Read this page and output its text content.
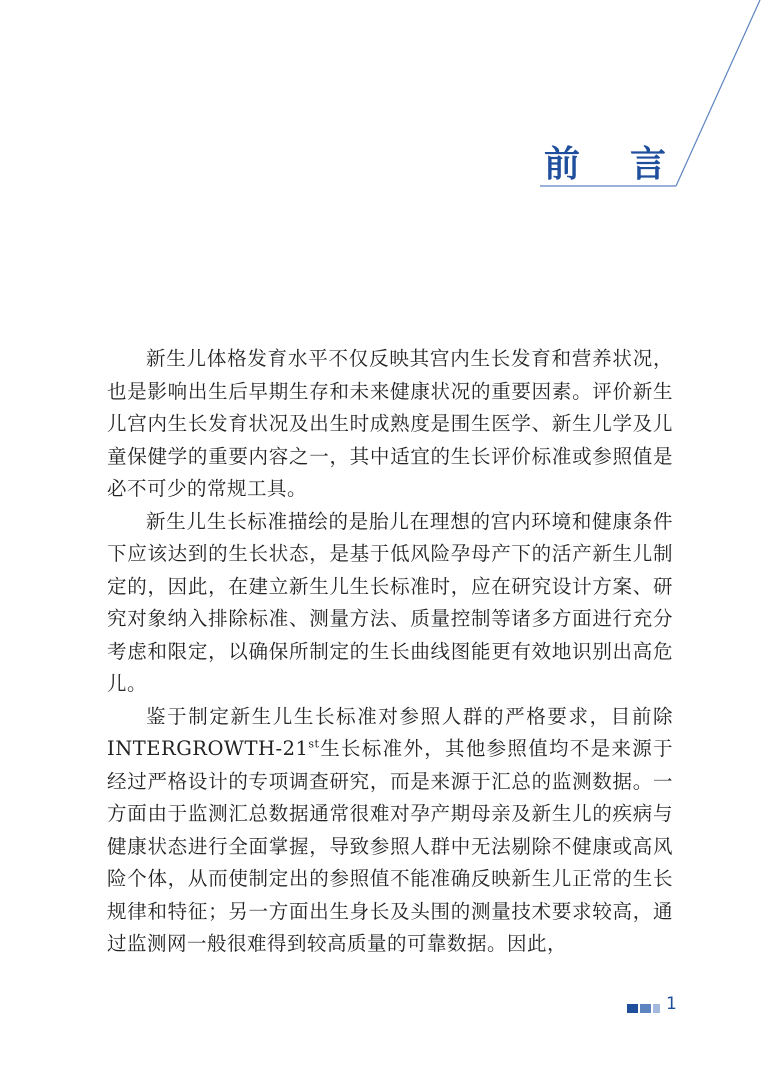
前 言

新生儿体格发育水平不仅反映其宫内生长发育和营养状况，也是影响出生后早期生存和未来健康状况的重要因素。评价新生儿宫内生长发育状况及出生时成熟度是围生医学、新生儿学及儿童保健学的重要内容之一，其中适宜的生长评价标准或参照值是必不可少的常规工具。

新生儿生长标准描绘的是胎儿在理想的宫内环境和健康条件下应该达到的生长状态，是基于低风险孕母产下的活产新生儿制定的，因此，在建立新生儿生长标准时，应在研究设计方案、研究对象纳入排除标准、测量方法、质量控制等诸多方面进行充分考虑和限定，以确保所制定的生长曲线图能更有效地识别出高危儿。

鉴于制定新生儿生长标准对参照人群的严格要求，目前除INTERGROWTH-21st生长标准外，其他参照值均不是来源于经过严格设计的专项调查研究，而是来源于汇总的监测数据。一方面由于监测汇总数据通常很难对孕产期母亲及新生儿的疾病与健康状态进行全面掌握，导致参照人群中无法剔除不健康或高风险个体，从而使制定出的参照值不能准确反映新生儿正常的生长规律和特征；另一方面出生身长及头围的测量技术要求较高，通过监测网一般很难得到较高质量的可靠数据。因此，

1
